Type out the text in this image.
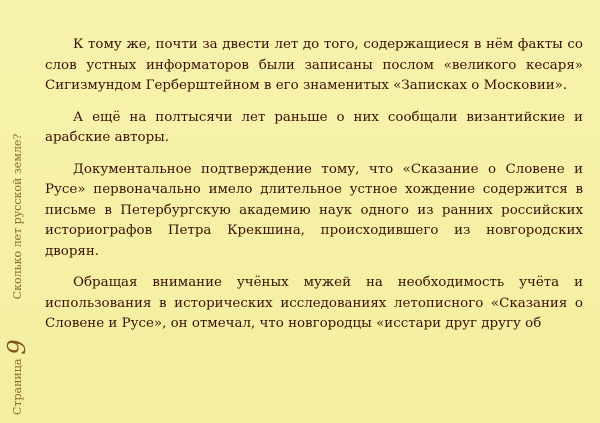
Страница
9
Сколько лет русской земле?

К тому же, почти за двести лет до того, содержащиеся в нём факты со слов устных информаторов были записаны послом «великого кесаря» Сигизмундом Герберштейном в его знаменитых «Записках о Московии».

А ещё на полтысячи лет раньше о них сообщали византийские и арабские авторы.

Документальное подтверждение тому, что «Сказание о Словене и Русе» первоначально имело длительное устное хождение содержится в письме в Петербургскую академию наук одного из ранних российских историографов Петра Крекшина, происходившего из новгородских дворян.

Обращая внимание учёных мужей на необходимость учёта и использования в исторических исследованиях летописного «Сказания о Словене и Русе», он отмечал, что новгородцы «исстари друг другу об
